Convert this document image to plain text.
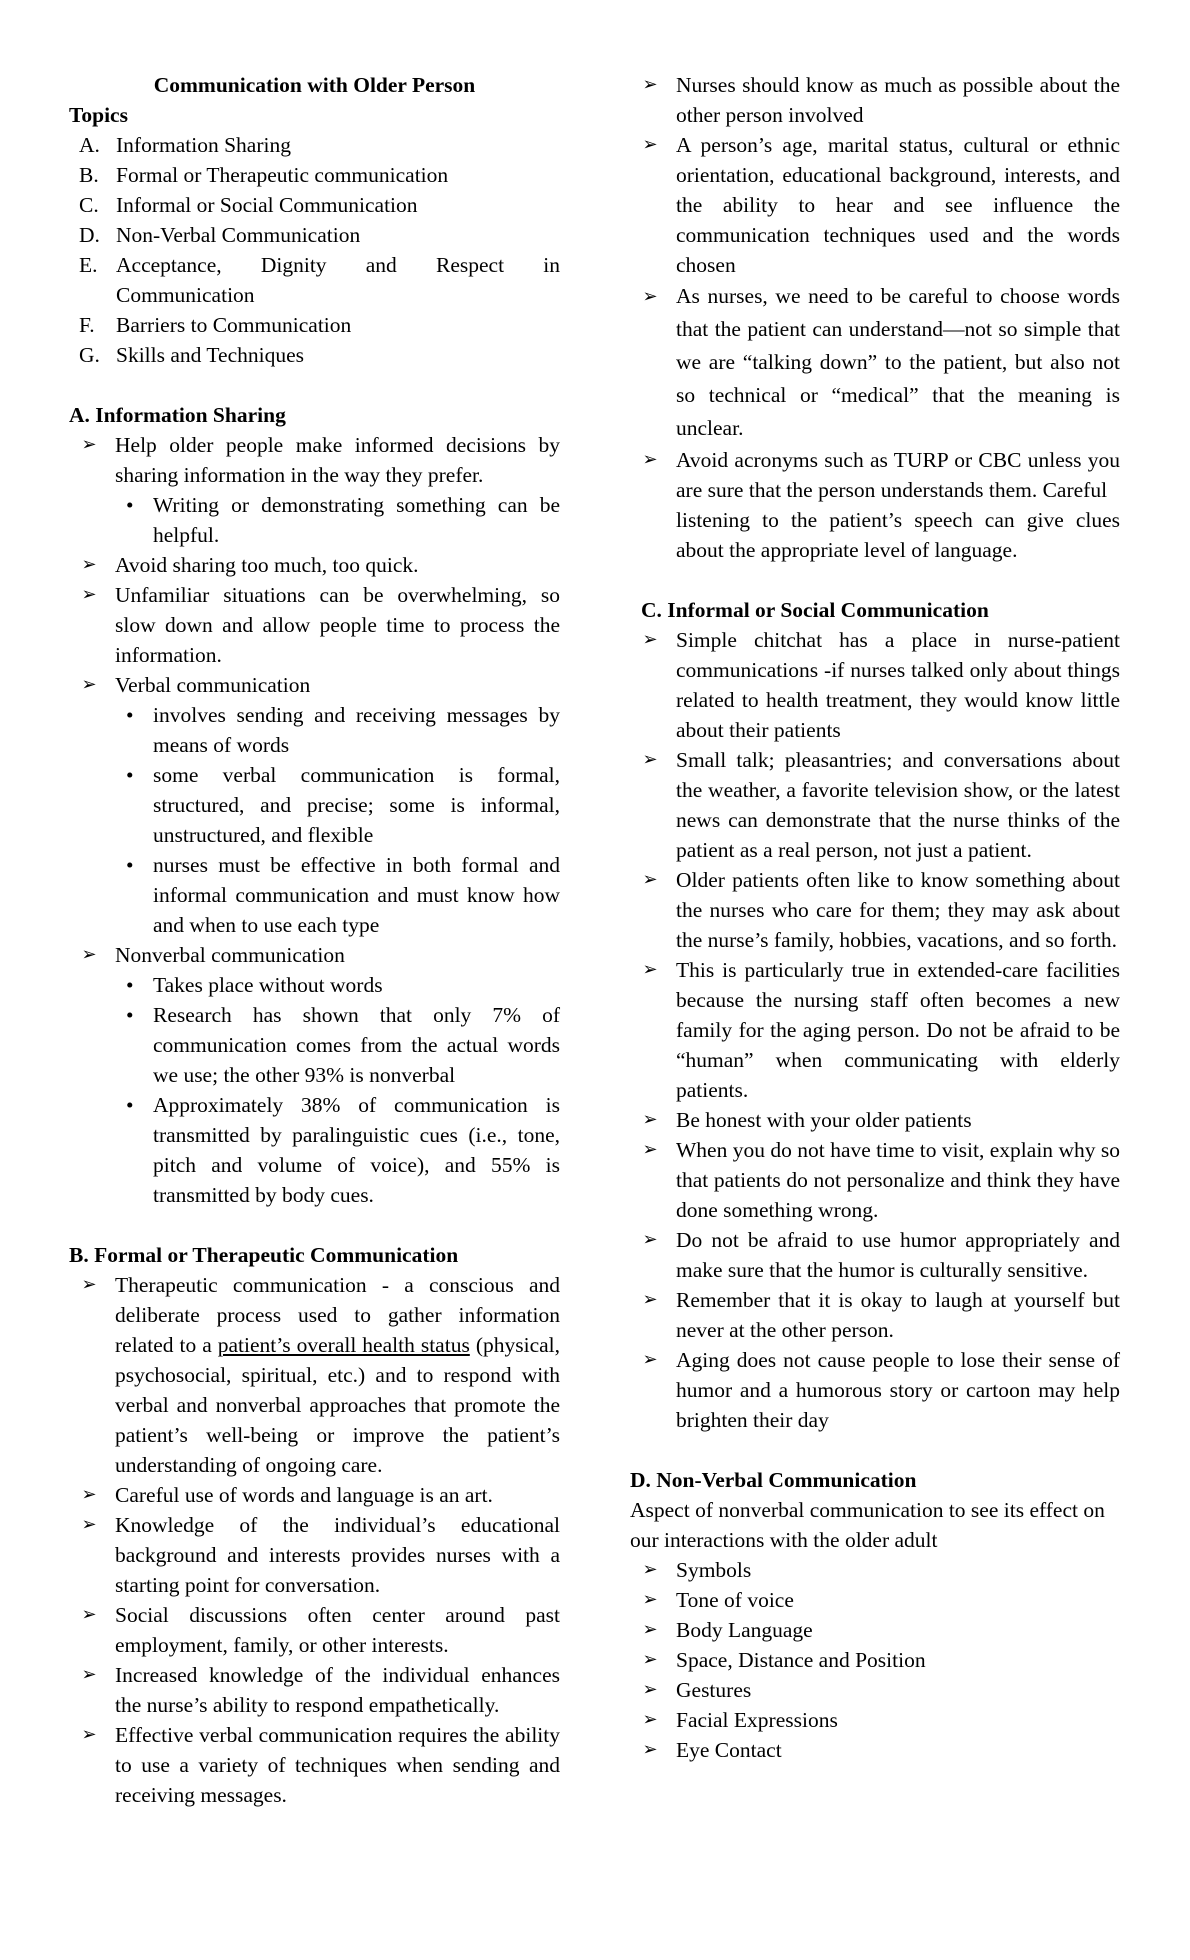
Communication with Older Person

Topics

A. Information Sharing
B. Formal or Therapeutic communication
C. Informal or Social Communication
D. Non-Verbal Communication
E. Acceptance, Dignity and Respect in Communication
F. Barriers to Communication
G. Skills and Techniques

A. Information Sharing

➢ Help older people make informed decisions by sharing information in the way they prefer.
• Writing or demonstrating something can be helpful.
➢ Avoid sharing too much, too quick.
➢ Unfamiliar situations can be overwhelming, so slow down and allow people time to process the information.
➢ Verbal communication
• involves sending and receiving messages by means of words
• some verbal communication is formal, structured, and precise; some is informal, unstructured, and flexible
• nurses must be effective in both formal and informal communication and must know how and when to use each type
➢ Nonverbal communication
• Takes place without words
• Research has shown that only 7% of communication comes from the actual words we use; the other 93% is nonverbal
• Approximately 38% of communication is transmitted by paralinguistic cues (i.e., tone, pitch and volume of voice), and 55% is transmitted by body cues.

B. Formal or Therapeutic Communication

➢ Therapeutic communication - a conscious and deliberate process used to gather information related to a patient’s overall health status (physical, psychosocial, spiritual, etc.) and to respond with verbal and nonverbal approaches that promote the patient’s well-being or improve the patient’s understanding of ongoing care.
➢ Careful use of words and language is an art.
➢ Knowledge of the individual’s educational background and interests provides nurses with a starting point for conversation.
➢ Social discussions often center around past employment, family, or other interests.
➢ Increased knowledge of the individual enhances the nurse’s ability to respond empathetically.
➢ Effective verbal communication requires the ability to use a variety of techniques when sending and receiving messages.
➢ Nurses should know as much as possible about the other person involved
➢ A person’s age, marital status, cultural or ethnic orientation, educational background, interests, and the ability to hear and see influence the communication techniques used and the words chosen
➢ As nurses, we need to be careful to choose words that the patient can understand—not so simple that we are “talking down” to the patient, but also not so technical or “medical” that the meaning is unclear.
➢ Avoid acronyms such as TURP or CBC unless you are sure that the person understands them. Careful
listening to the patient’s speech can give clues about the appropriate level of language.

C. Informal or Social Communication

➢ Simple chitchat has a place in nurse-patient communications -if nurses talked only about things related to health treatment, they would know little about their patients
➢ Small talk; pleasantries; and conversations about the weather, a favorite television show, or the latest news can demonstrate that the nurse thinks of the patient as a real person, not just a patient.
➢ Older patients often like to know something about the nurses who care for them; they may ask about the nurse’s family, hobbies, vacations, and so forth.
➢ This is particularly true in extended-care facilities because the nursing staff often becomes a new family for the aging person. Do not be afraid to be “human” when communicating with elderly patients.
➢ Be honest with your older patients
➢ When you do not have time to visit, explain why so that patients do not personalize and think they have done something wrong.
➢ Do not be afraid to use humor appropriately and make sure that the humor is culturally sensitive.
➢ Remember that it is okay to laugh at yourself but never at the other person.
➢ Aging does not cause people to lose their sense of humor and a humorous story or cartoon may help brighten their day

D. Non-Verbal Communication

Aspect of nonverbal communication to see its effect on our interactions with the older adult

➢ Symbols
➢ Tone of voice
➢ Body Language
➢ Space, Distance and Position
➢ Gestures
➢ Facial Expressions
➢ Eye Contact
